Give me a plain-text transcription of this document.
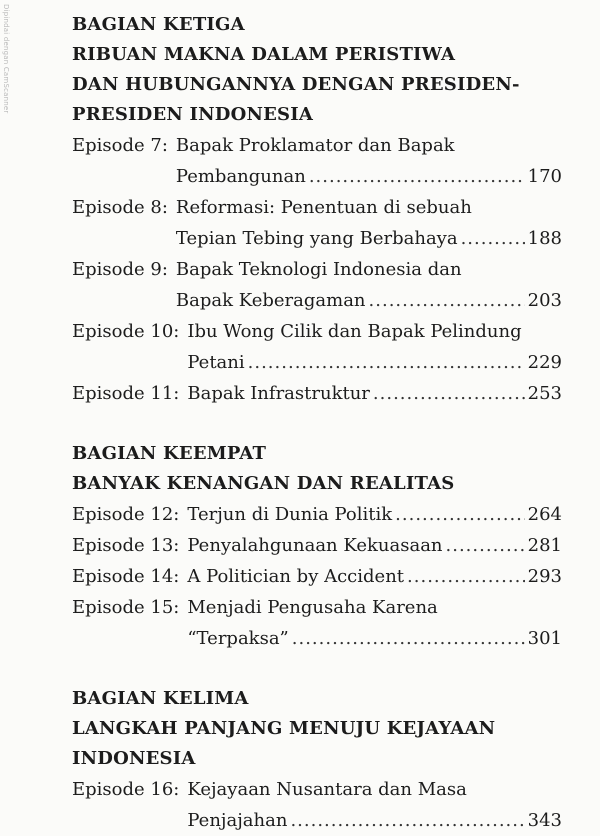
Dipindai dengan CamScanner	BAGIAN KETIGA

RIBUAN MAKNA DALAM PERISTIWA

DAN HUBUNGANNYA DENGAN PRESIDEN-

PRESIDEN INDONESIA

Episode 7: Bapak Proklamator dan Bapak
Pembangunan .....	170
Episode 8: Reformasi: Penentuan di sebuah
Tepian Tebing yang Berbahaya .....	188
Episode 9: Bapak Teknologi Indonesia dan
Bapak Keberagaman .....	203
Episode 10: Ibu Wong Cilik dan Bapak Pelindung
Petani .....	229
Episode 11: Bapak Infrastruktur .....	253

BAGIAN KEEMPAT

BANYAK KENANGAN DAN REALITAS

Episode 12: Terjun di Dunia Politik .....	264
Episode 13: Penyalahgunaan Kekuasaan .....	281
Episode 14: A Politician by Accident .....	293
Episode 15: Menjadi Pengusaha Karena
“Terpaksa” .....	301

BAGIAN KELIMA

LANGKAH PANJANG MENUJU KEJAYAAN

INDONESIA

Episode 16: Kejayaan Nusantara dan Masa
Penjajahan .....	343
